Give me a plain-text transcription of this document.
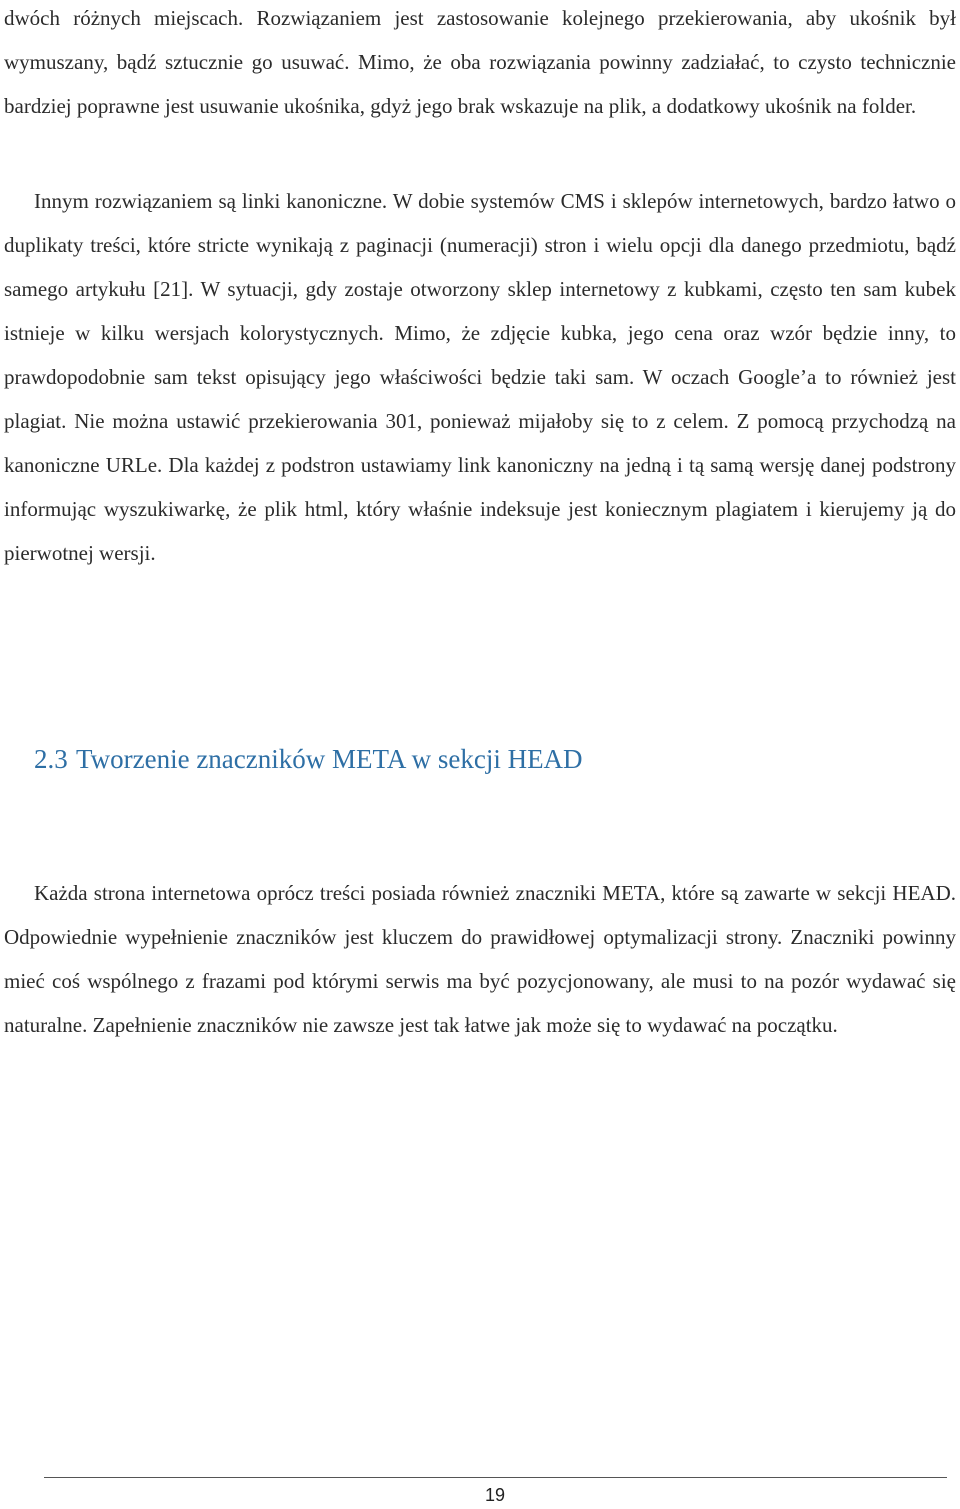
dwóch różnych miejscach. Rozwiązaniem jest zastosowanie kolejnego przekierowania, aby ukośnik był wymuszany, bądź sztucznie go usuwać. Mimo, że oba rozwiązania powinny zadziałać, to czysto technicznie bardziej poprawne jest usuwanie ukośnika, gdyż jego brak wskazuje na plik, a dodatkowy ukośnik na folder.

Innym rozwiązaniem są linki kanoniczne. W dobie systemów CMS i sklepów internetowych, bardzo łatwo o duplikaty treści, które stricte wynikają z paginacji (numeracji) stron i wielu opcji dla danego przedmiotu, bądź samego artykułu [21]. W sytuacji, gdy zostaje otworzony sklep internetowy z kubkami, często ten sam kubek istnieje w kilku wersjach kolorystycznych. Mimo, że zdjęcie kubka, jego cena oraz wzór będzie inny, to prawdopodobnie sam tekst opisujący jego właściwości będzie taki sam. W oczach Google’a to również jest plagiat. Nie można ustawić przekierowania 301, ponieważ mijałoby się to z celem. Z pomocą przychodzą na kanoniczne URLe. Dla każdej z podstron ustawiamy link kanoniczny na jedną i tą samą wersję danej podstrony informując wyszukiwarkę, że plik html, który właśnie indeksuje jest koniecznym plagiatem i kierujemy ją do pierwotnej wersji.

2.3 Tworzenie znaczników META w sekcji HEAD

Każda strona internetowa oprócz treści posiada również znaczniki META, które są zawarte w sekcji HEAD. Odpowiednie wypełnienie znaczników jest kluczem do prawidłowej optymalizacji strony. Znaczniki powinny mieć coś wspólnego z frazami pod którymi serwis ma być pozycjonowany, ale musi to na pozór wydawać się naturalne. Zapełnienie znaczników nie zawsze jest tak łatwe jak może się to wydawać na początku.

19
